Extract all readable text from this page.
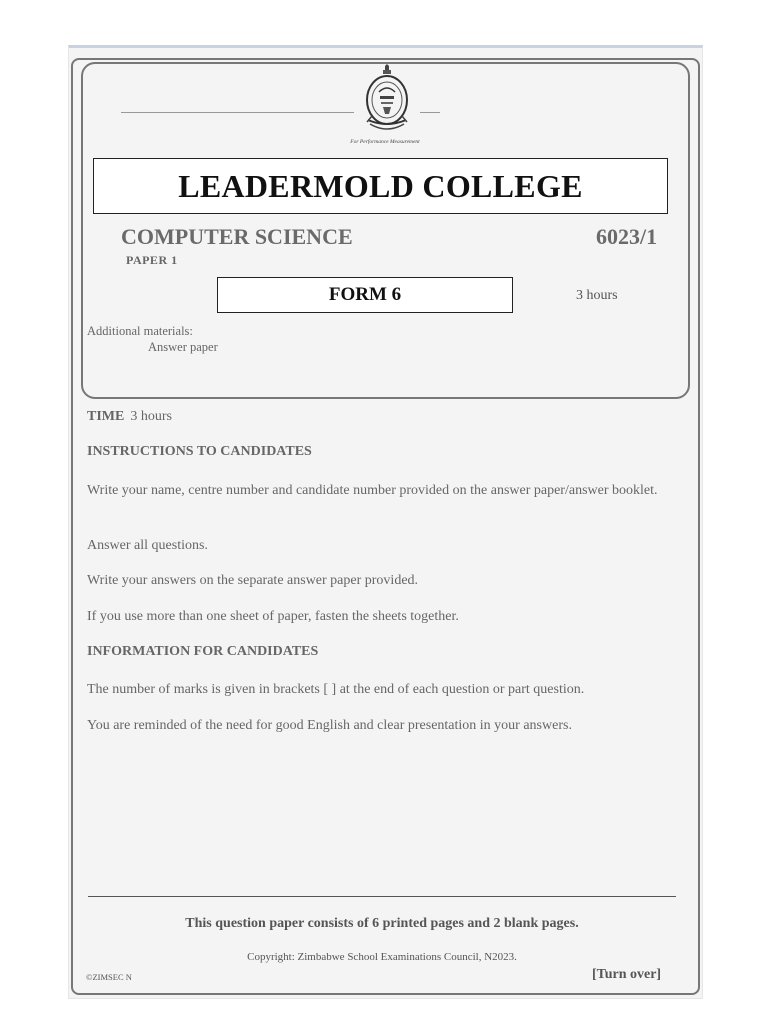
For Performance Measurement
LEADERMOLD COLLEGE
COMPUTER SCIENCE	6023/1
PAPER 1
FORM 6	3 hours
Additional materials:
Answer paper
TIME 3 hours
INSTRUCTIONS TO CANDIDATES
Write your name, centre number and candidate number provided on the answer paper/answer booklet.
Answer all questions.
Write your answers on the separate answer paper provided.
If you use more than one sheet of paper, fasten the sheets together.
INFORMATION FOR CANDIDATES
The number of marks is given in brackets [ ] at the end of each question or part question.
You are reminded of the need for good English and clear presentation in your answers.
This question paper consists of 6 printed pages and 2 blank pages.
Copyright: Zimbabwe School Examinations Council, N2023.
©ZIMSEC N	[Turn over]
